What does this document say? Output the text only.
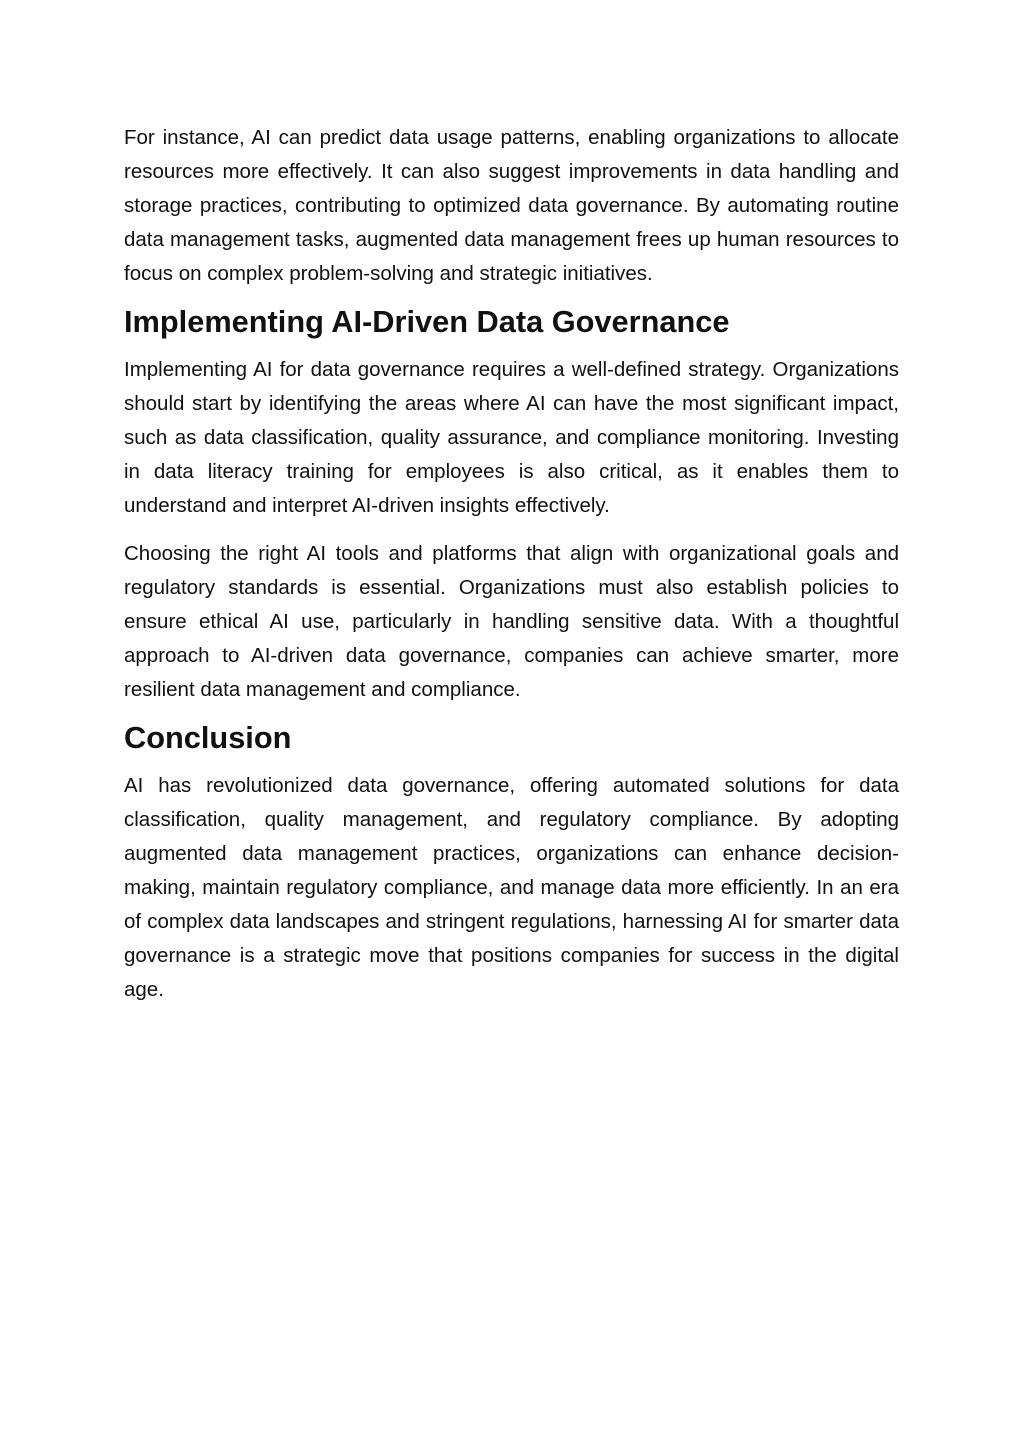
For instance, AI can predict data usage patterns, enabling organizations to allocate resources more effectively. It can also suggest improvements in data handling and storage practices, contributing to optimized data governance. By automating routine data management tasks, augmented data management frees up human resources to focus on complex problem-solving and strategic initiatives.

Implementing AI-Driven Data Governance

Implementing AI for data governance requires a well-defined strategy. Organizations should start by identifying the areas where AI can have the most significant impact, such as data classification, quality assurance, and compliance monitoring. Investing in data literacy training for employees is also critical, as it enables them to understand and interpret AI-driven insights effectively.

Choosing the right AI tools and platforms that align with organizational goals and regulatory standards is essential. Organizations must also establish policies to ensure ethical AI use, particularly in handling sensitive data. With a thoughtful approach to AI-driven data governance, companies can achieve smarter, more resilient data management and compliance.

Conclusion

AI has revolutionized data governance, offering automated solutions for data classification, quality management, and regulatory compliance. By adopting augmented data management practices, organizations can enhance decision-making, maintain regulatory compliance, and manage data more efficiently. In an era of complex data landscapes and stringent regulations, harnessing AI for smarter data governance is a strategic move that positions companies for success in the digital age.
